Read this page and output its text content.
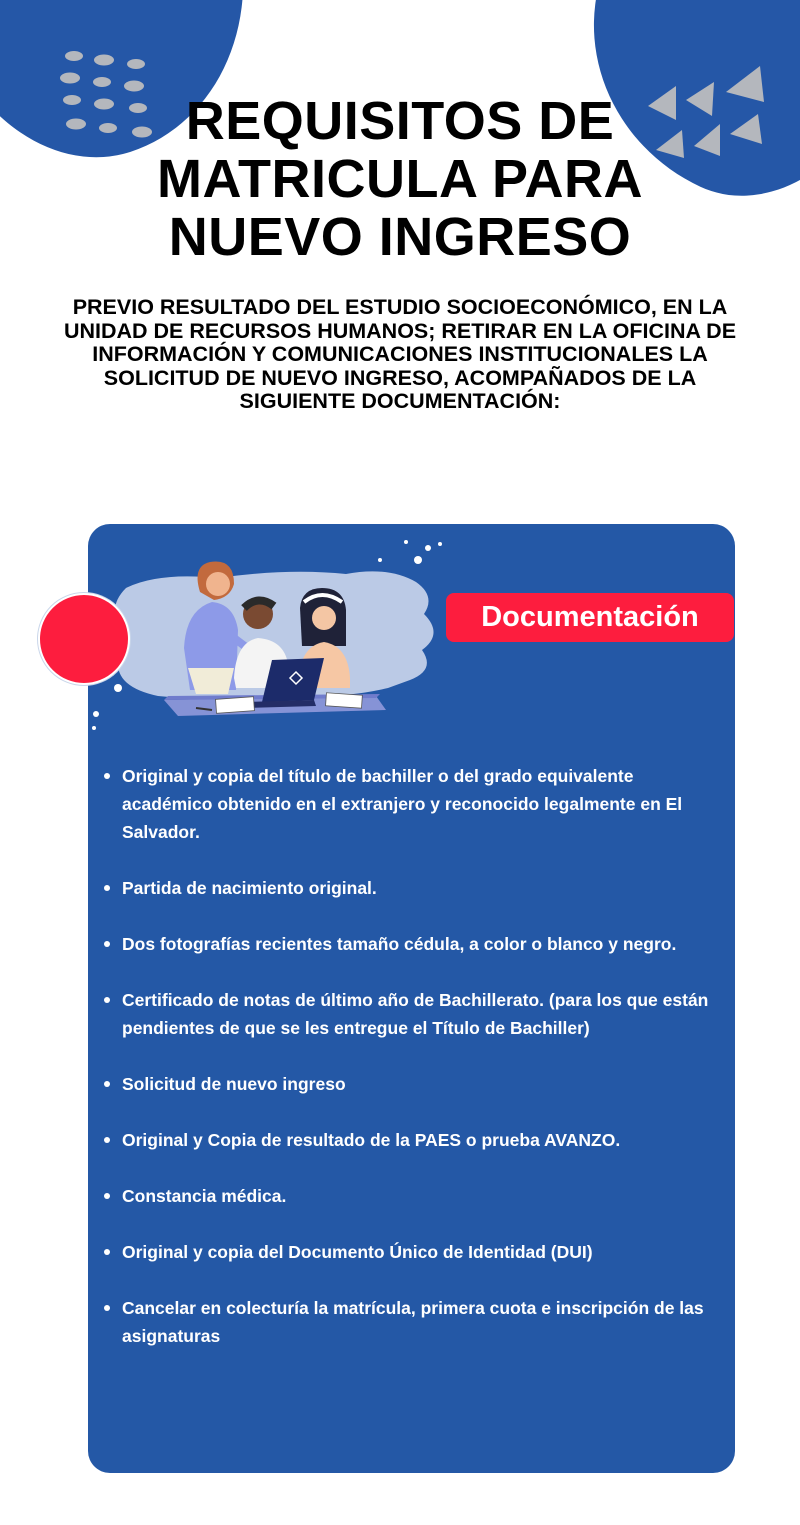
REQUISITOS DE
MATRICULA PARA
NUEVO INGRESO

PREVIO RESULTADO DEL ESTUDIO SOCIOECONÓMICO, EN LA UNIDAD DE RECURSOS HUMANOS; RETIRAR EN LA OFICINA DE INFORMACIÓN Y COMUNICACIONES INSTITUCIONALES LA SOLICITUD DE NUEVO INGRESO, ACOMPAÑADOS DE LA SIGUIENTE DOCUMENTACIÓN:

Documentación
Original y copia del título de bachiller o del grado equivalente académico obtenido en el extranjero y reconocido legalmente en El Salvador.
Partida de nacimiento original.
Dos fotografías recientes tamaño cédula, a color o blanco y negro.
Certificado de notas de último año de Bachillerato. (para los que están pendientes de que se les entregue el Título de Bachiller)
Solicitud de nuevo ingreso
Original y Copia de resultado de la PAES o prueba AVANZO.
Constancia médica.
Original y copia del Documento Único de Identidad (DUI)
Cancelar en colecturía la matrícula, primera cuota e inscripción de las asignaturas
